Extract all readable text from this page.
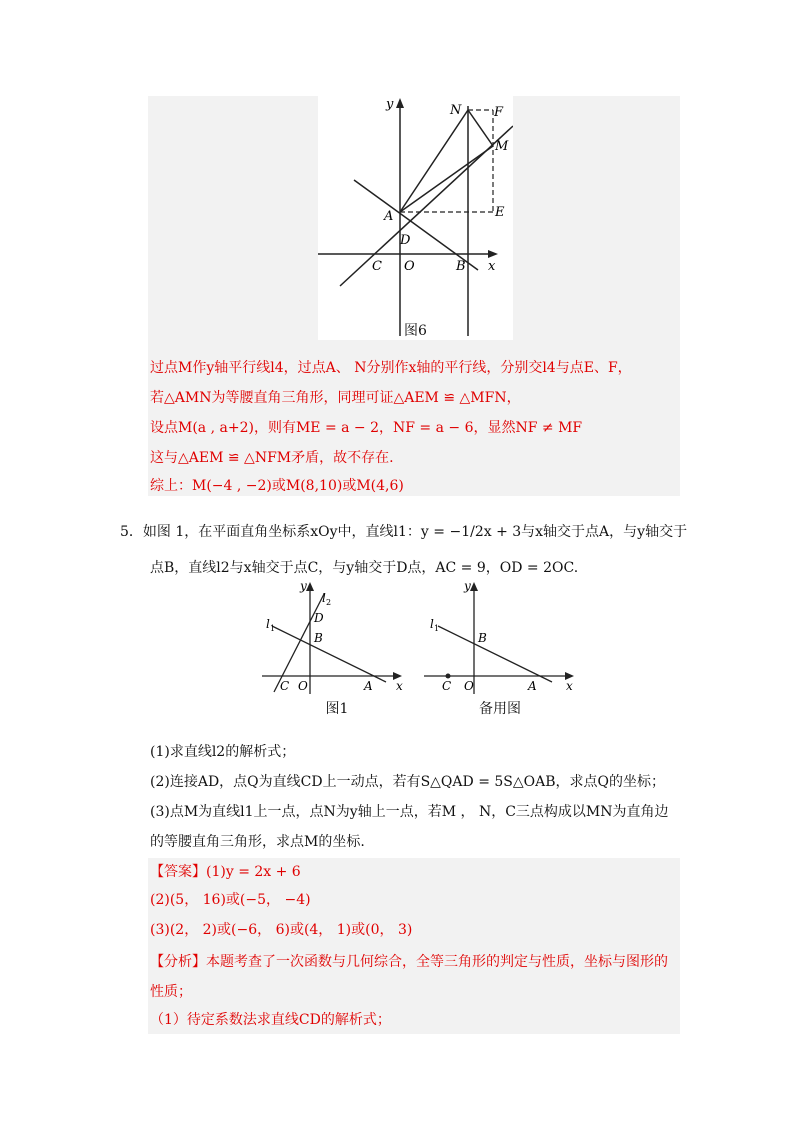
y	N	F
M
A	E
D
C O	B x
图6
过点M作y轴平行线l4，过点A、 N分别作x轴的平行线，分别交l4与点E、F，
若△AMN为等腰直角三角形，同理可证△AEM ≌ △MFN，
设点M(a , a+2)，则有ME = a − 2，NF = a − 6，显然NF ≠ MF
这与△AEM ≌ △NFM矛盾，故不存在.
综上：M(−4 , −2)或M(8,10)或M(4,6)
5．如图 1，在平面直角坐标系xOy中，直线l1：y = −1/2x + 3与x轴交于点A，与y轴交于
点B，直线l2与x轴交于点C，与y轴交于D点，AC = 9，OD = 2OC.
y
l 2
D
l 1
B
C O	A x
图1
y
l 1
B
C O	A x
备用图
(1)求直线l2的解析式；
(2)连接AD，点Q为直线CD上一动点，若有S△QAD = 5S△OAB，求点Q的坐标；
(3)点M为直线l1上一点，点N为y轴上一点，若M ， N，C三点构成以MN为直角边
的等腰直角三角形，求点M的坐标.
【答案】(1)y = 2x + 6
(2)(5， 16)或(−5， −4)
(3)(2， 2)或(−6， 6)或(4， 1)或(0， 3)
【分析】本题考查了一次函数与几何综合，全等三角形的判定与性质，坐标与图形的
性质；
（1）待定系数法求直线CD的解析式；
